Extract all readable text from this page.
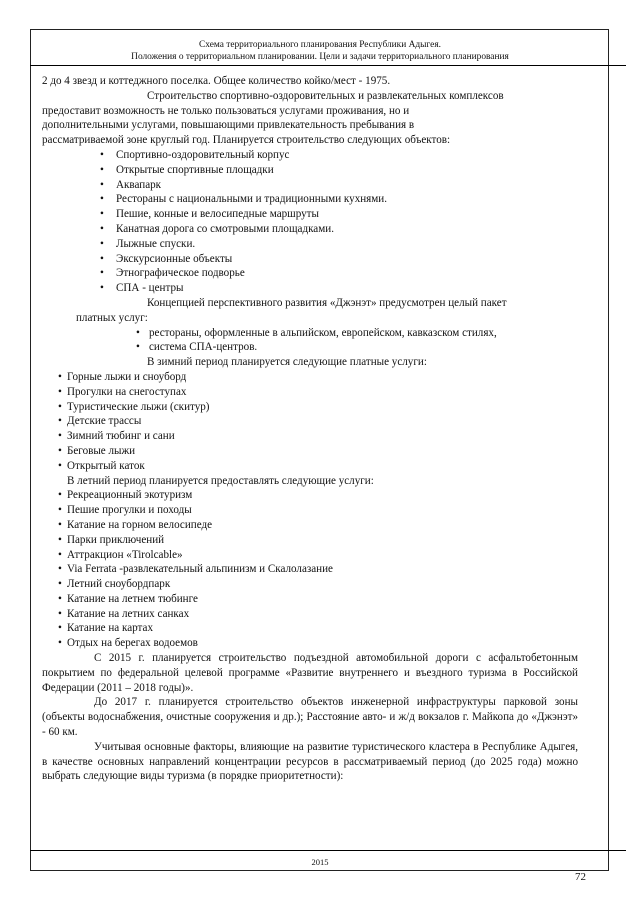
Схема территориального планирования Республики Адыгея.
Положения о территориальном планировании. Цели и задачи территориального планирования

2 до 4 звезд и коттеджного поселка. Общее количество койко/мест - 1975.

Строительство спортивно-оздоровительных и развлекательных комплексов

предоставит возможность не только пользоваться услугами проживания, но и

дополнительными услугами, повышающими привлекательность пребывания в

рассматриваемой зоне круглый год. Планируется строительство следующих объектов:

• Спортивно-оздоровительный корпус
• Открытые спортивные площадки
• Аквапарк
• Рестораны с национальными и традиционными кухнями.
• Пешие, конные и велосипедные маршруты
• Канатная дорога со смотровыми площадками.
• Лыжные спуски.
• Экскурсионные объекты
• Этнографическое подворье
• СПА - центры

Концепцией перспективного развития «Джэнэт» предусмотрен целый пакет

платных услуг:

• рестораны, оформленные в альпийском, европейском, кавказском стилях,
• система СПА-центров.

В зимний период планируется следующие платные услуги:

• Горные лыжи и сноуборд
• Прогулки на снегоступах
• Туристические лыжи (скитур)
• Детские трассы
• Зимний тюбинг и сани
• Беговые лыжи
• Открытый каток

В летний период планируется предоставлять следующие услуги:

• Рекреационный экотуризм
• Пешие прогулки и походы
• Катание на горном велосипеде
• Парки приключений
• Аттракцион «Tirolcable»
• Via Ferrata -развлекательный альпинизм и Скалолазание
• Летний сноубордпарк
• Катание на летнем тюбинге
• Катание на летних санках
• Катание на картах
• Отдых на берегах водоемов

С 2015 г. планируется строительство подъездной автомобильной дороги с асфальтобетонным покрытием по федеральной целевой программе «Развитие внутреннего и въездного туризма в Российской Федерации (2011 – 2018 годы)».

До 2017 г. планируется строительство объектов инженерной инфраструктуры парковой зоны (объекты водоснабжения, очистные сооружения и др.); Расстояние авто- и ж/д вокзалов г. Майкопа до «Джэнэт» - 60 км.

Учитывая основные факторы, влияющие на развитие туристического кластера в Республике Адыгея, в качестве основных направлений концентрации ресурсов в рассматриваемый период (до 2025 года) можно выбрать следующие виды туризма (в порядке приоритетности):

2015
72
